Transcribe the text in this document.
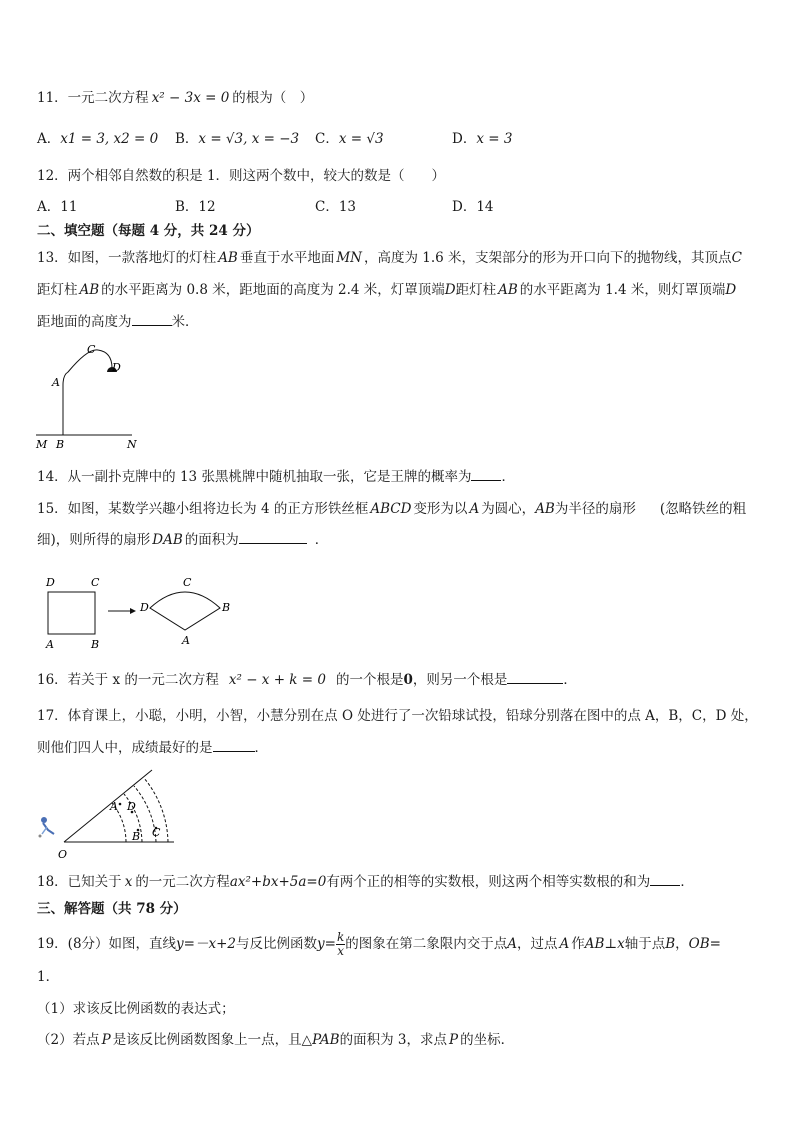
11．一元二次方程 x² − 3x = 0 的根为（　）
A．x1 = 3, x2 = 0 B．x = √3, x = −3 C．x = √3	D．x = 3
12．两个相邻自然数的积是 1．则这两个数中，较大的数是（　　）
A．11	B．12	C．13	D．14
二、填空题（每题 4 分，共 24 分）
13．如图，一款落地灯的灯柱 AB 垂直于水平地面 MN ，高度为 1.6 米，支架部分的形为开口向下的抛物线，其顶点C
距灯柱 AB 的水平距离为 0.8 米，距地面的高度为 2.4 米，灯罩顶端D距灯柱 AB 的水平距离为 1.4 米，则灯罩顶端D
距地面的高度为	米．
C
D
A
M B	N
14．从一副扑克牌中的 13 张黑桃牌中随机抽取一张，它是王牌的概率为 ．
15．如图，某数学兴趣小组将边长为 4 的正方形铁丝框 ABCD 变形为以 A 为圆心，AB为半径的扇形 (忽略铁丝的粗
细)，则所得的扇形 DAB 的面积为	．
D	C
A	B
C
D	B
A
16．若关于 x 的一元二次方程 x² − x + k = 0 的一个根是0，则另一个根是	．
17．体育课上，小聪，小明，小智，小慧分别在点 O 处进行了一次铅球试投，铅球分别落在图中的点 A，B，C，D 处，
则他们四人中，成绩最好的是	．
A D
B C
O
18．已知关于 x 的一元二次方程ax²+bx+5a=0有两个正的相等的实数根，则这两个相等实数根的和为 ．
三、解答题（共 78 分）
19．(8分）如图，直线y=－x+2与反比例函数$y= \frac{k}{x}$ 的图象在第二象限内交于点A，过点 A 作AB⊥x轴于点B，OB=
1．
（1）求该反比例函数的表达式；
（2）若点 P 是该反比例函数图象上一点，且△PAB的面积为 3，求点 P 的坐标．
